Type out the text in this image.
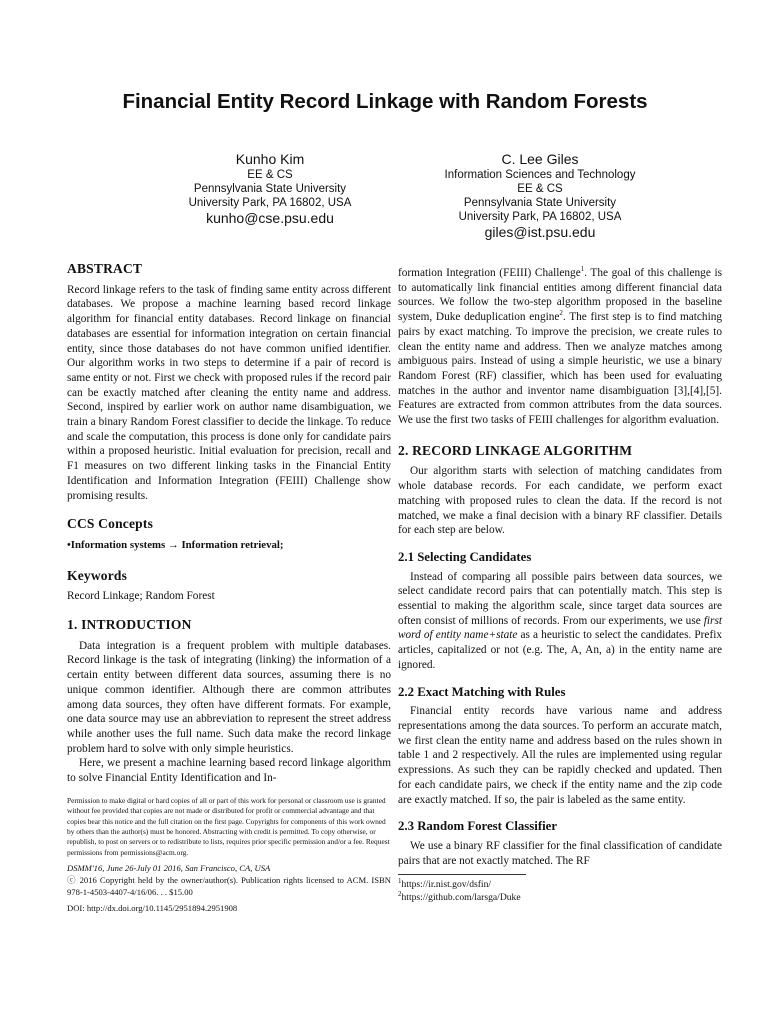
Financial Entity Record Linkage with Random Forests
Kunho Kim
EE & CS
Pennsylvania State University
University Park, PA 16802, USA
kunho@cse.psu.edu
C. Lee Giles
Information Sciences and Technology
EE & CS
Pennsylvania State University
University Park, PA 16802, USA
giles@ist.psu.edu
ABSTRACT

Record linkage refers to the task of finding same entity across different databases. We propose a machine learning based record linkage algorithm for financial entity databases. Record linkage on financial databases are essential for information integration on certain financial entity, since those databases do not have common unified identifier. Our algorithm works in two steps to determine if a pair of record is same entity or not. First we check with proposed rules if the record pair can be exactly matched after cleaning the entity name and address. Second, inspired by earlier work on author name disambiguation, we train a binary Random Forest classifier to decide the linkage. To reduce and scale the computation, this process is done only for candidate pairs within a proposed heuristic. Initial evaluation for precision, recall and F1 measures on two different linking tasks in the Financial Entity Identification and Information Integration (FEIII) Challenge show promising results.

CCS Concepts

•Information systems → Information retrieval;

Keywords

Record Linkage; Random Forest

1. INTRODUCTION

Data integration is a frequent problem with multiple databases. Record linkage is the task of integrating (linking) the information of a certain entity between different data sources, assuming there is no unique common identifier. Although there are common attributes among data sources, they often have different formats. For example, one data source may use an abbreviation to represent the street address while another uses the full name. Such data make the record linkage problem hard to solve with only simple heuristics.

Here, we present a machine learning based record linkage algorithm to solve Financial Entity Identification and In-

Permission to make digital or hard copies of all or part of this work for personal or classroom use is granted without fee provided that copies are not made or distributed for profit or commercial advantage and that copies bear this notice and the full citation on the first page. Copyrights for components of this work owned by others than the author(s) must be honored. Abstracting with credit is permitted. To copy otherwise, or republish, to post on servers or to redistribute to lists, requires prior specific permission and/or a fee. Request permissions from permissions@acm.org.

DSMM'16, June 26-July 01 2016, San Francisco, CA, USA

ⓒ 2016 Copyright held by the owner/author(s). Publication rights licensed to ACM. ISBN 978-1-4503-4407-4/16/06. . . $15.00

DOI: http://dx.doi.org/10.1145/2951894.2951908

formation Integration (FEIII) Challenge$^1$. The goal of this challenge is to automatically link financial entities among different financial data sources. We follow the two-step algorithm proposed in the baseline system, Duke deduplication engine$^2$. The first step is to find matching pairs by exact matching. To improve the precision, we create rules to clean the entity name and address. Then we analyze matches among ambiguous pairs. Instead of using a simple heuristic, we use a binary Random Forest (RF) classifier, which has been used for evaluating matches in the author and inventor name disambiguation [3],[4],[5]. Features are extracted from common attributes from the data sources. We use the first two tasks of FEIII challenges for algorithm evaluation.

2. RECORD LINKAGE ALGORITHM

Our algorithm starts with selection of matching candidates from whole database records. For each candidate, we perform exact matching with proposed rules to clean the data. If the record is not matched, we make a final decision with a binary RF classifier. Details for each step are below.

2.1 Selecting Candidates

Instead of comparing all possible pairs between data sources, we select candidate record pairs that can potentially match. This step is essential to making the algorithm scale, since target data sources are often consist of millions of records. From our experiments, we use first word of entity name+state as a heuristic to select the candidates. Prefix articles, capitalized or not (e.g. The, A, An, a) in the entity name are ignored.

2.2 Exact Matching with Rules

Financial entity records have various name and address representations among the data sources. To perform an accurate match, we first clean the entity name and address based on the rules shown in table 1 and 2 respectively. All the rules are implemented using regular expressions. As such they can be rapidly checked and updated. Then for each candidate pairs, we check if the entity name and the zip code are exactly matched. If so, the pair is labeled as the same entity.

2.3 Random Forest Classifier

We use a binary RF classifier for the final classification of candidate pairs that are not exactly matched. The RF

$^1$https://ir.nist.gov/dsfin/

$^2$https://github.com/larsga/Duke
